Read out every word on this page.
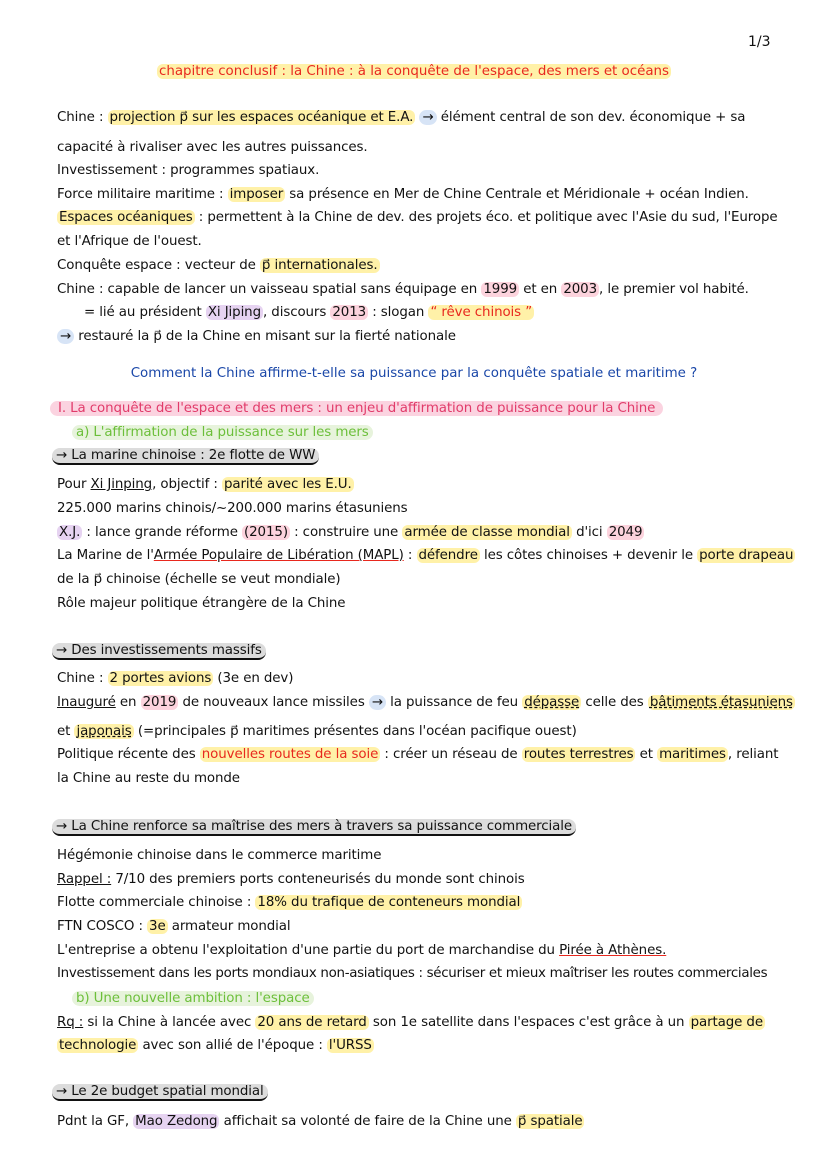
1/3
chapitre conclusif : la Chine : à la conquête de l'espace, des mers et océans
Chine : projection p⃗ sur les espaces océanique et E.A. → élément central de son dev. économique + sa
capacité à rivaliser avec les autres puissances.
Investissement : programmes spatiaux.
Force militaire maritime : imposer sa présence en Mer de Chine Centrale et Méridionale + océan Indien.
Espaces océaniques : permettent à la Chine de dev. des projets éco. et politique avec l'Asie du sud, l'Europe
et l'Afrique de l'ouest.
Conquête espace : vecteur de p⃗ internationales.
Chine : capable de lancer un vaisseau spatial sans équipage en 1999 et en 2003 , le premier vol habité.
= lié au président Xi Jiping , discours 2013 : slogan “ rêve chinois ”
→ restauré la p⃗ de la Chine en misant sur la fierté nationale
Comment la Chine affirme-t-elle sa puissance par la conquête spatiale et maritime ?
I. La conquête de l'espace et des mers : un enjeu d'affirmation de puissance pour la Chine
a) L'affirmation de la puissance sur les mers
→ La marine chinoise : 2e flotte de WW
Pour Xi Jinping, objectif : parité avec les E.U.
225.000 marins chinois/~200.000 marins étasuniens
X.J. : lance grande réforme (2015) : construire une armée de classe mondial d'ici 2049
La Marine de l'Armée Populaire de Libération (MAPL) : défendre les côtes chinoises + devenir le porte drapeau
de la p⃗ chinoise (échelle se veut mondiale)
Rôle majeur politique étrangère de la Chine
→ Des investissements massifs
Chine : 2 portes avions (3e en dev)
Inauguré en 2019 de nouveaux lance missiles → la puissance de feu dépasse celle des bâtiments étasuniens
et japonais (=principales p⃗ maritimes présentes dans l'océan pacifique ouest)
Politique récente des nouvelles routes de la soie : créer un réseau de routes terrestres et maritimes , reliant
la Chine au reste du monde
→ La Chine renforce sa maîtrise des mers à travers sa puissance commerciale
Hégémonie chinoise dans le commerce maritime
Rappel : 7/10 des premiers ports conteneurisés du monde sont chinois
Flotte commerciale chinoise : 18% du trafique de conteneurs mondial
FTN COSCO : 3e armateur mondial
L'entreprise a obtenu l'exploitation d'une partie du port de marchandise du Pirée à Athènes.
Investissement dans les ports mondiaux non-asiatiques : sécuriser et mieux maîtriser les routes commerciales
b) Une nouvelle ambition : l'espace
Rq : si la Chine à lancée avec 20 ans de retard son 1e satellite dans l'espaces c'est grâce à un partage de
technologie avec son allié de l'époque : l'URSS
→ Le 2e budget spatial mondial
Pdnt la GF, Mao Zedong affichait sa volonté de faire de la Chine une p⃗ spatiale
